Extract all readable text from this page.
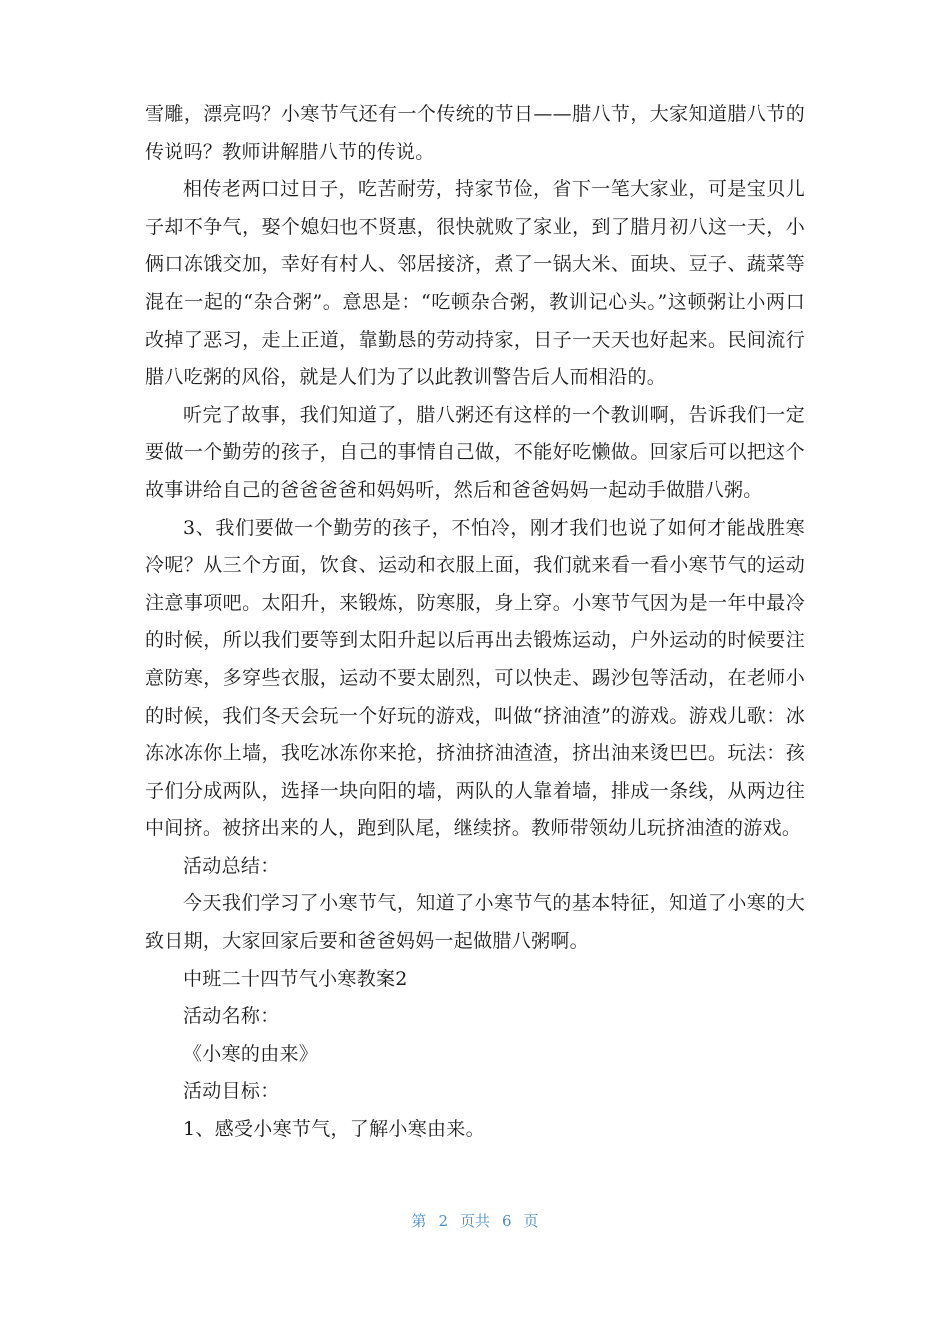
雪雕，漂亮吗？小寒节气还有一个传统的节日——腊八节，大家知道腊八节的传说吗？教师讲解腊八节的传说。

相传老两口过日子，吃苦耐劳，持家节俭，省下一笔大家业，可是宝贝儿子却不争气，娶个媳妇也不贤惠，很快就败了家业，到了腊月初八这一天，小俩口冻饿交加，幸好有村人、邻居接济，煮了一锅大米、面块、豆子、蔬菜等混在一起的“杂合粥”。意思是：“吃顿杂合粥，教训记心头。”这顿粥让小两口改掉了恶习，走上正道，靠勤恳的劳动持家，日子一天天也好起来。民间流行腊八吃粥的风俗，就是人们为了以此教训警告后人而相沿的。

听完了故事，我们知道了，腊八粥还有这样的一个教训啊，告诉我们一定要做一个勤劳的孩子，自己的事情自己做，不能好吃懒做。回家后可以把这个故事讲给自己的爸爸爸爸和妈妈听，然后和爸爸妈妈一起动手做腊八粥。

3、我们要做一个勤劳的孩子，不怕冷，刚才我们也说了如何才能战胜寒冷呢？从三个方面，饮食、运动和衣服上面，我们就来看一看小寒节气的运动注意事项吧。太阳升，来锻炼，防寒服，身上穿。小寒节气因为是一年中最冷的时候，所以我们要等到太阳升起以后再出去锻炼运动，户外运动的时候要注意防寒，多穿些衣服，运动不要太剧烈，可以快走、踢沙包等活动，在老师小的时候，我们冬天会玩一个好玩的游戏，叫做“挤油渣”的游戏。游戏儿歌：冰冻冰冻你上墙，我吃冰冻你来抢，挤油挤油渣渣，挤出油来烫巴巴。玩法：孩子们分成两队，选择一块向阳的墙，两队的人靠着墙，排成一条线，从两边往中间挤。被挤出来的人，跑到队尾，继续挤。教师带领幼儿玩挤油渣的游戏。

活动总结：

今天我们学习了小寒节气，知道了小寒节气的基本特征，知道了小寒的大致日期，大家回家后要和爸爸妈妈一起做腊八粥啊。

中班二十四节气小寒教案2

活动名称：

《小寒的由来》

活动目标：

1、感受小寒节气，了解小寒由来。

第 2 页共 6 页
